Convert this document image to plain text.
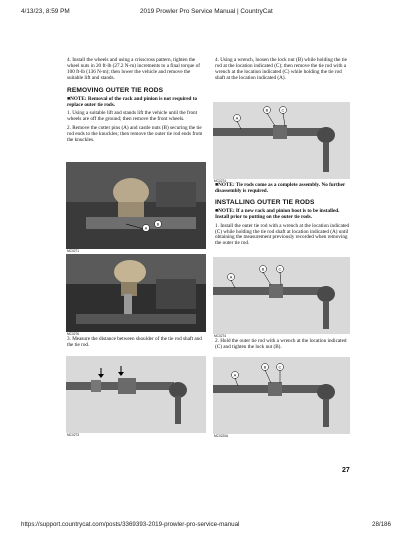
4/13/23, 8:59 PM	2019 Prowler Pro Service Manual | CountryCat

4. Install the wheels and using a crisscross pattern, tighten the wheel nuts in 20 ft-lb (27.2 N-m) increments to a final torque of 100 ft-lb (136 N-m); then lower the vehicle and remove the suitable lift and stands.

REMOVING OUTER TIE RODS

■NOTE: Removal of the rack and pinion is not required to replace outer tie rods.

1. Using a suitable lift and stands lift the vehicle until the front wheels are off the ground; then remove the front wheels.

2. Remove the cotter pins (A) and castle nuts (B) securing the tie rod ends to the knuckles; then remove the outer tie rod ends from the knuckles.

A
B
MC0271
MC0276

3. Measure the distance between shoulder of the tie rod shaft and the tie rod.

MC0273

4. Using a wrench, loosen the lock nut (B) while holding the tie rod at the location indicated (C); then remove the tie rod with a wrench at the location indicated (C) while holding the tie rod shaft at the location indicated (A).

A
B	C
MC0274

■NOTE: Tie rods come as a complete assembly. No further disassembly is required.

INSTALLING OUTER TIE RODS

■NOTE: If a new rack and pinion boot is to be installed. Install prior to putting on the outer tie rods.

1. Install the outer tie rod with a wrench at the location indicated (C) while holding the tie rod shaft at location indicated (A) until obtaining the measurement previously recorded when removing the outer tie rod.

A
B	C
MC0274

2. Hold the outer tie rod with a wrench at the location indicated (C) and tighten the lock nut (B).

A
B	C
MC0220A
27
https://support.countrycat.com/posts/3369393-2019-prowler-pro-service-manual	28/186
